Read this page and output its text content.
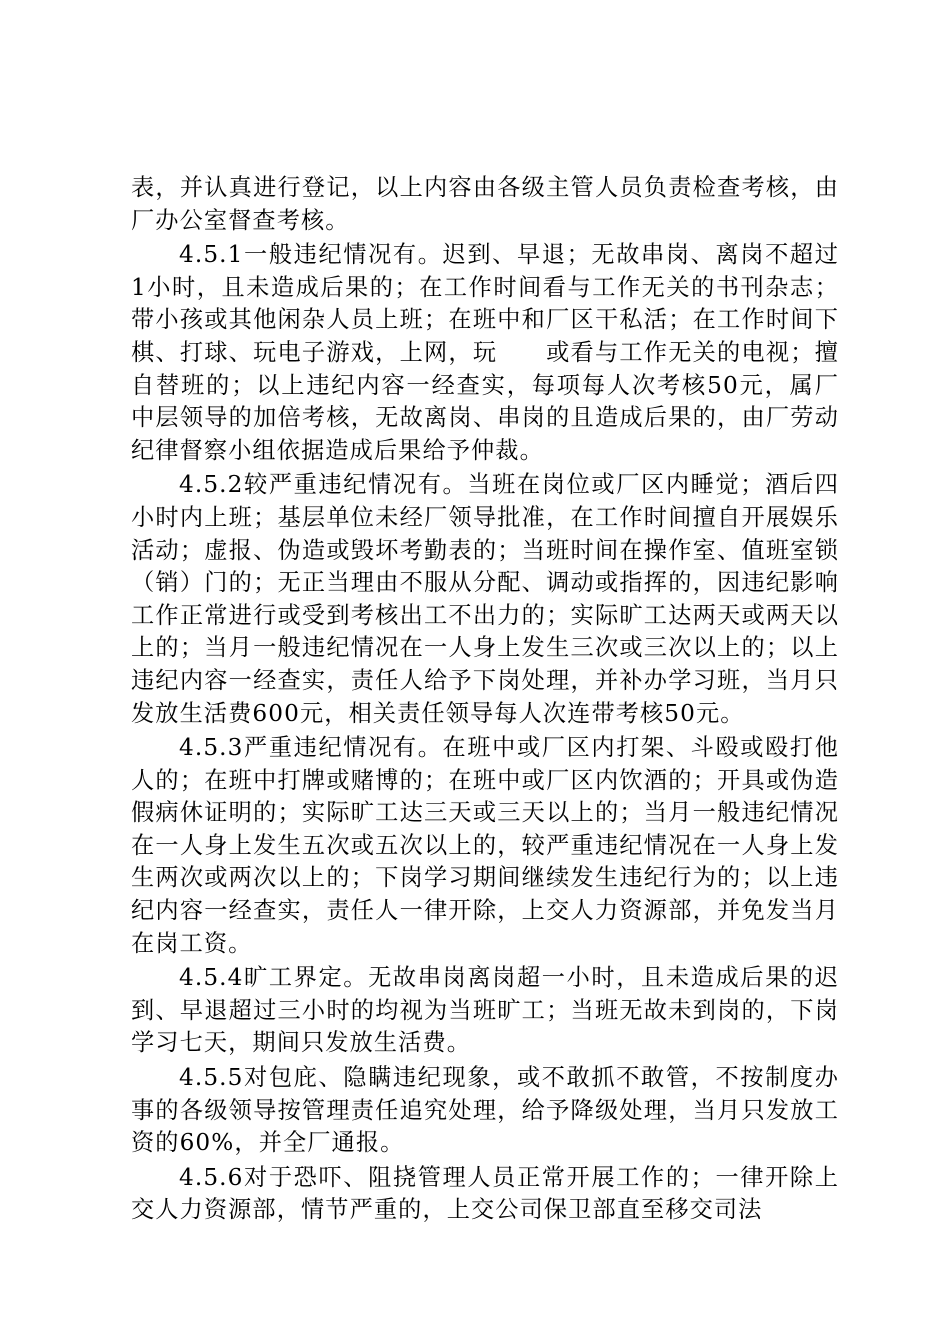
表，并认真进行登记，以上内容由各级主管人员负责检查考核，由厂办公室督查考核。

4.5.1一般违纪情况有。迟到、早退；无故串岗、离岗不超过1小时，且未造成后果的；在工作时间看与工作无关的书刊杂志；带小孩或其他闲杂人员上班；在班中和厂区干私活；在工作时间下棋、打球、玩电子游戏，上网，玩　　或看与工作无关的电视；擅自替班的；以上违纪内容一经查实，每项每人次考核50元，属厂中层领导的加倍考核，无故离岗、串岗的且造成后果的，由厂劳动纪律督察小组依据造成后果给予仲裁。

4.5.2较严重违纪情况有。当班在岗位或厂区内睡觉；酒后四小时内上班；基层单位未经厂领导批准，在工作时间擅自开展娱乐活动；虚报、伪造或毁坏考勤表的；当班时间在操作室、值班室锁（销）门的；无正当理由不服从分配、调动或指挥的，因违纪影响工作正常进行或受到考核出工不出力的；实际旷工达两天或两天以上的；当月一般违纪情况在一人身上发生三次或三次以上的；以上违纪内容一经查实，责任人给予下岗处理，并补办学习班，当月只发放生活费600元，相关责任领导每人次连带考核50元。

4.5.3严重违纪情况有。在班中或厂区内打架、斗殴或殴打他人的；在班中打牌或赌博的；在班中或厂区内饮酒的；开具或伪造假病休证明的；实际旷工达三天或三天以上的；当月一般违纪情况在一人身上发生五次或五次以上的，较严重违纪情况在一人身上发生两次或两次以上的；下岗学习期间继续发生违纪行为的；以上违纪内容一经查实，责任人一律开除，上交人力资源部，并免发当月在岗工资。

4.5.4旷工界定。无故串岗离岗超一小时，且未造成后果的迟到、早退超过三小时的均视为当班旷工；当班无故未到岗的，下岗学习七天，期间只发放生活费。

4.5.5对包庇、隐瞒违纪现象，或不敢抓不敢管，不按制度办事的各级领导按管理责任追究处理，给予降级处理，当月只发放工资的60%，并全厂通报。

4.5.6对于恐吓、阻挠管理人员正常开展工作的；一律开除上交人力资源部，情节严重的，上交公司保卫部直至移交司法
